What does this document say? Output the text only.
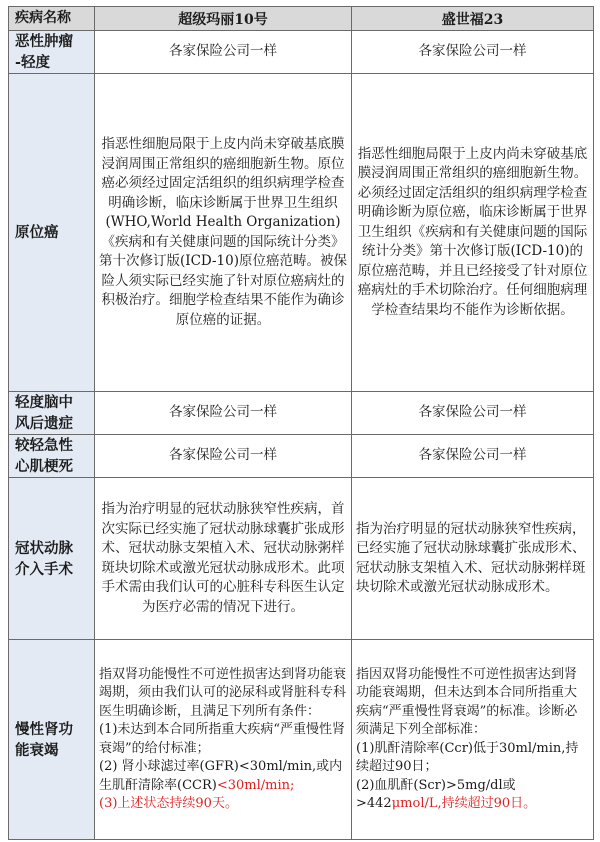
疾病名称	超级玛丽10号	盛世福23

恶性肿瘤
-轻度	各家保险公司一样	各家保险公司一样
原位癌	指恶性细胞局限于上皮内尚未穿破基底膜浸润周围正常组织的癌细胞新生物。原位癌必须经过固定活组织的组织病理学检查明确诊断，临床诊断属于世界卫生组织(WHO,World Health Organization)《疾病和有关健康问题的国际统计分类》第十次修订版(ICD-10)原位癌范畴。被保险人须实际已经实施了针对原位癌病灶的积极治疗。细胞学检查结果不能作为确诊原位癌的证据。	指恶性细胞局限于上皮内尚未穿破基底膜浸润周围正常组织的癌细胞新生物。必须经过固定活组织的组织病理学检查明确诊断为原位癌，临床诊断属于世界卫生组织《疾病和有关健康问题的国际统计分类》第十次修订版(ICD-10)的原位癌范畴，并且已经接受了针对原位癌病灶的手术切除治疗。任何细胞病理学检查结果均不能作为诊断依据。

轻度脑中
风后遗症	各家保险公司一样	各家保险公司一样

较轻急性
心肌梗死	各家保险公司一样	各家保险公司一样

冠状动脉
介入手术	指为治疗明显的冠状动脉狭窄性疾病，首次实际已经实施了冠状动脉球囊扩张成形术、冠状动脉支架植入术、冠状动脉粥样斑块切除术或激光冠状动脉成形术。此项手术需由我们认可的心脏科专科医生认定为医疗必需的情况下进行。	指为治疗明显的冠状动脉狭窄性疾病，已经实施了冠状动脉球囊扩张成形术、冠状动脉支架植入术、冠状动脉粥样斑块切除术或激光冠状动脉成形术。

慢性肾功
能衰竭	指双肾功能慢性不可逆性损害达到肾功能衰竭期，须由我们认可的泌尿科或肾脏科专科医生明确诊断，且满足下列所有条件：
(1)未达到本合同所指重大疾病“严重慢性肾衰竭”的给付标准；
(2) 肾小球滤过率(GFR)<30ml/min,或内生肌酐清除率(CCR)<30ml/min;
(3)上述状态持续90天。	指因双肾功能慢性不可逆性损害达到肾功能衰竭期，但未达到本合同所指重大疾病“严重慢性肾衰竭”的标准。诊断必须满足下列全部标准：
(1)肌酐清除率(Ccr)低于30ml/min,持续超过90日；
(2)血肌酐(Scr)>5mg/dl或>442μmol/L,持续超过90日。
